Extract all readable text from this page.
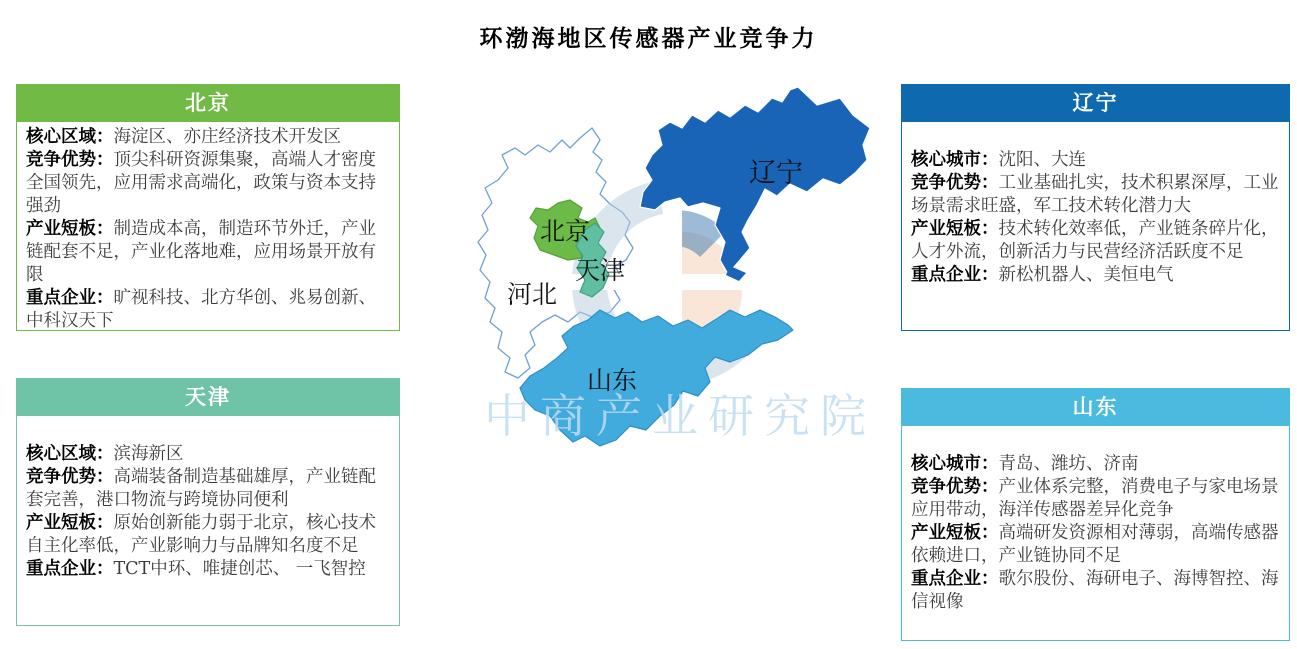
环渤海地区传感器产业竞争力
北京
核心区域：海淀区、亦庄经济技术开发区
竞争优势：顶尖科研资源集聚，高端人才密度全国领先，应用需求高端化，政策与资本支持强劲
产业短板：制造成本高，制造环节外迁，产业链配套不足，产业化落地难，应用场景开放有限
重点企业：旷视科技、北方华创、兆易创新、中科汉天下
天津
核心区域：滨海新区
竞争优势：高端装备制造基础雄厚，产业链配套完善，港口物流与跨境协同便利
产业短板：原始创新能力弱于北京，核心技术自主化率低，产业影响力与品牌知名度不足
重点企业：TCT中环、唯捷创芯、 一飞智控
辽宁
核心城市：沈阳、大连
竞争优势：工业基础扎实，技术积累深厚，工业场景需求旺盛，军工技术转化潜力大
产业短板：技术转化效率低，产业链条碎片化，人才外流，创新活力与民营经济活跃度不足
重点企业：新松机器人、美恒电气
山东
核心城市：青岛、潍坊、济南
竞争优势：产业体系完整，消费电子与家电场景应用带动，海洋传感器差异化竞争
产业短板：高端研发资源相对薄弱，高端传感器依赖进口，产业链协同不足
重点企业：歌尔股份、海研电子、海博智控、海信视像
辽宁
北京
天津
河北
山东
中商产业研究院
